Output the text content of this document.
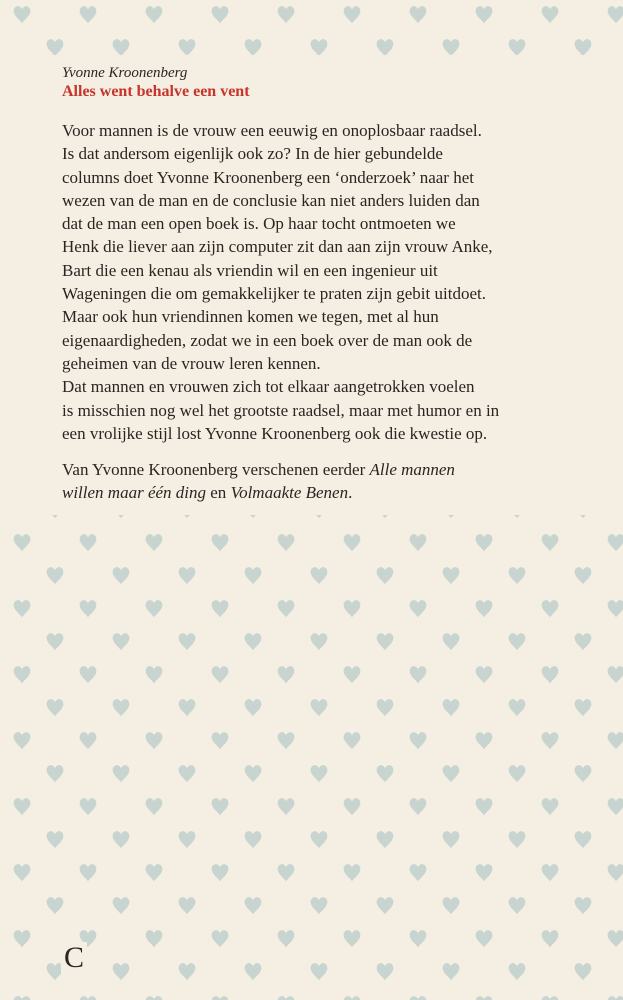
Yvonne Kroonenberg
Alles went behalve een vent

Voor mannen is de vrouw een eeuwig en onoplosbaar raadsel.
Is dat andersom eigenlijk ook zo? In de hier gebundelde
columns doet Yvonne Kroonenberg een ‘onderzoek’ naar het
wezen van de man en de conclusie kan niet anders luiden dan
dat de man een open boek is. Op haar tocht ontmoeten we
Henk die liever aan zijn computer zit dan aan zijn vrouw Anke,
Bart die een kenau als vriendin wil en een ingenieur uit
Wageningen die om gemakkelijker te praten zijn gebit uitdoet.
Maar ook hun vriendinnen komen we tegen, met al hun
eigenaardigheden, zodat we in een boek over de man ook de
geheimen van de vrouw leren kennen.
Dat mannen en vrouwen zich tot elkaar aangetrokken voelen
is misschien nog wel het grootste raadsel, maar met humor en in
een vrolijke stijl lost Yvonne Kroonenberg ook die kwestie op.

Van Yvonne Kroonenberg verschenen eerder Alle mannen
willen maar één ding en Volmaakte Benen.

C
